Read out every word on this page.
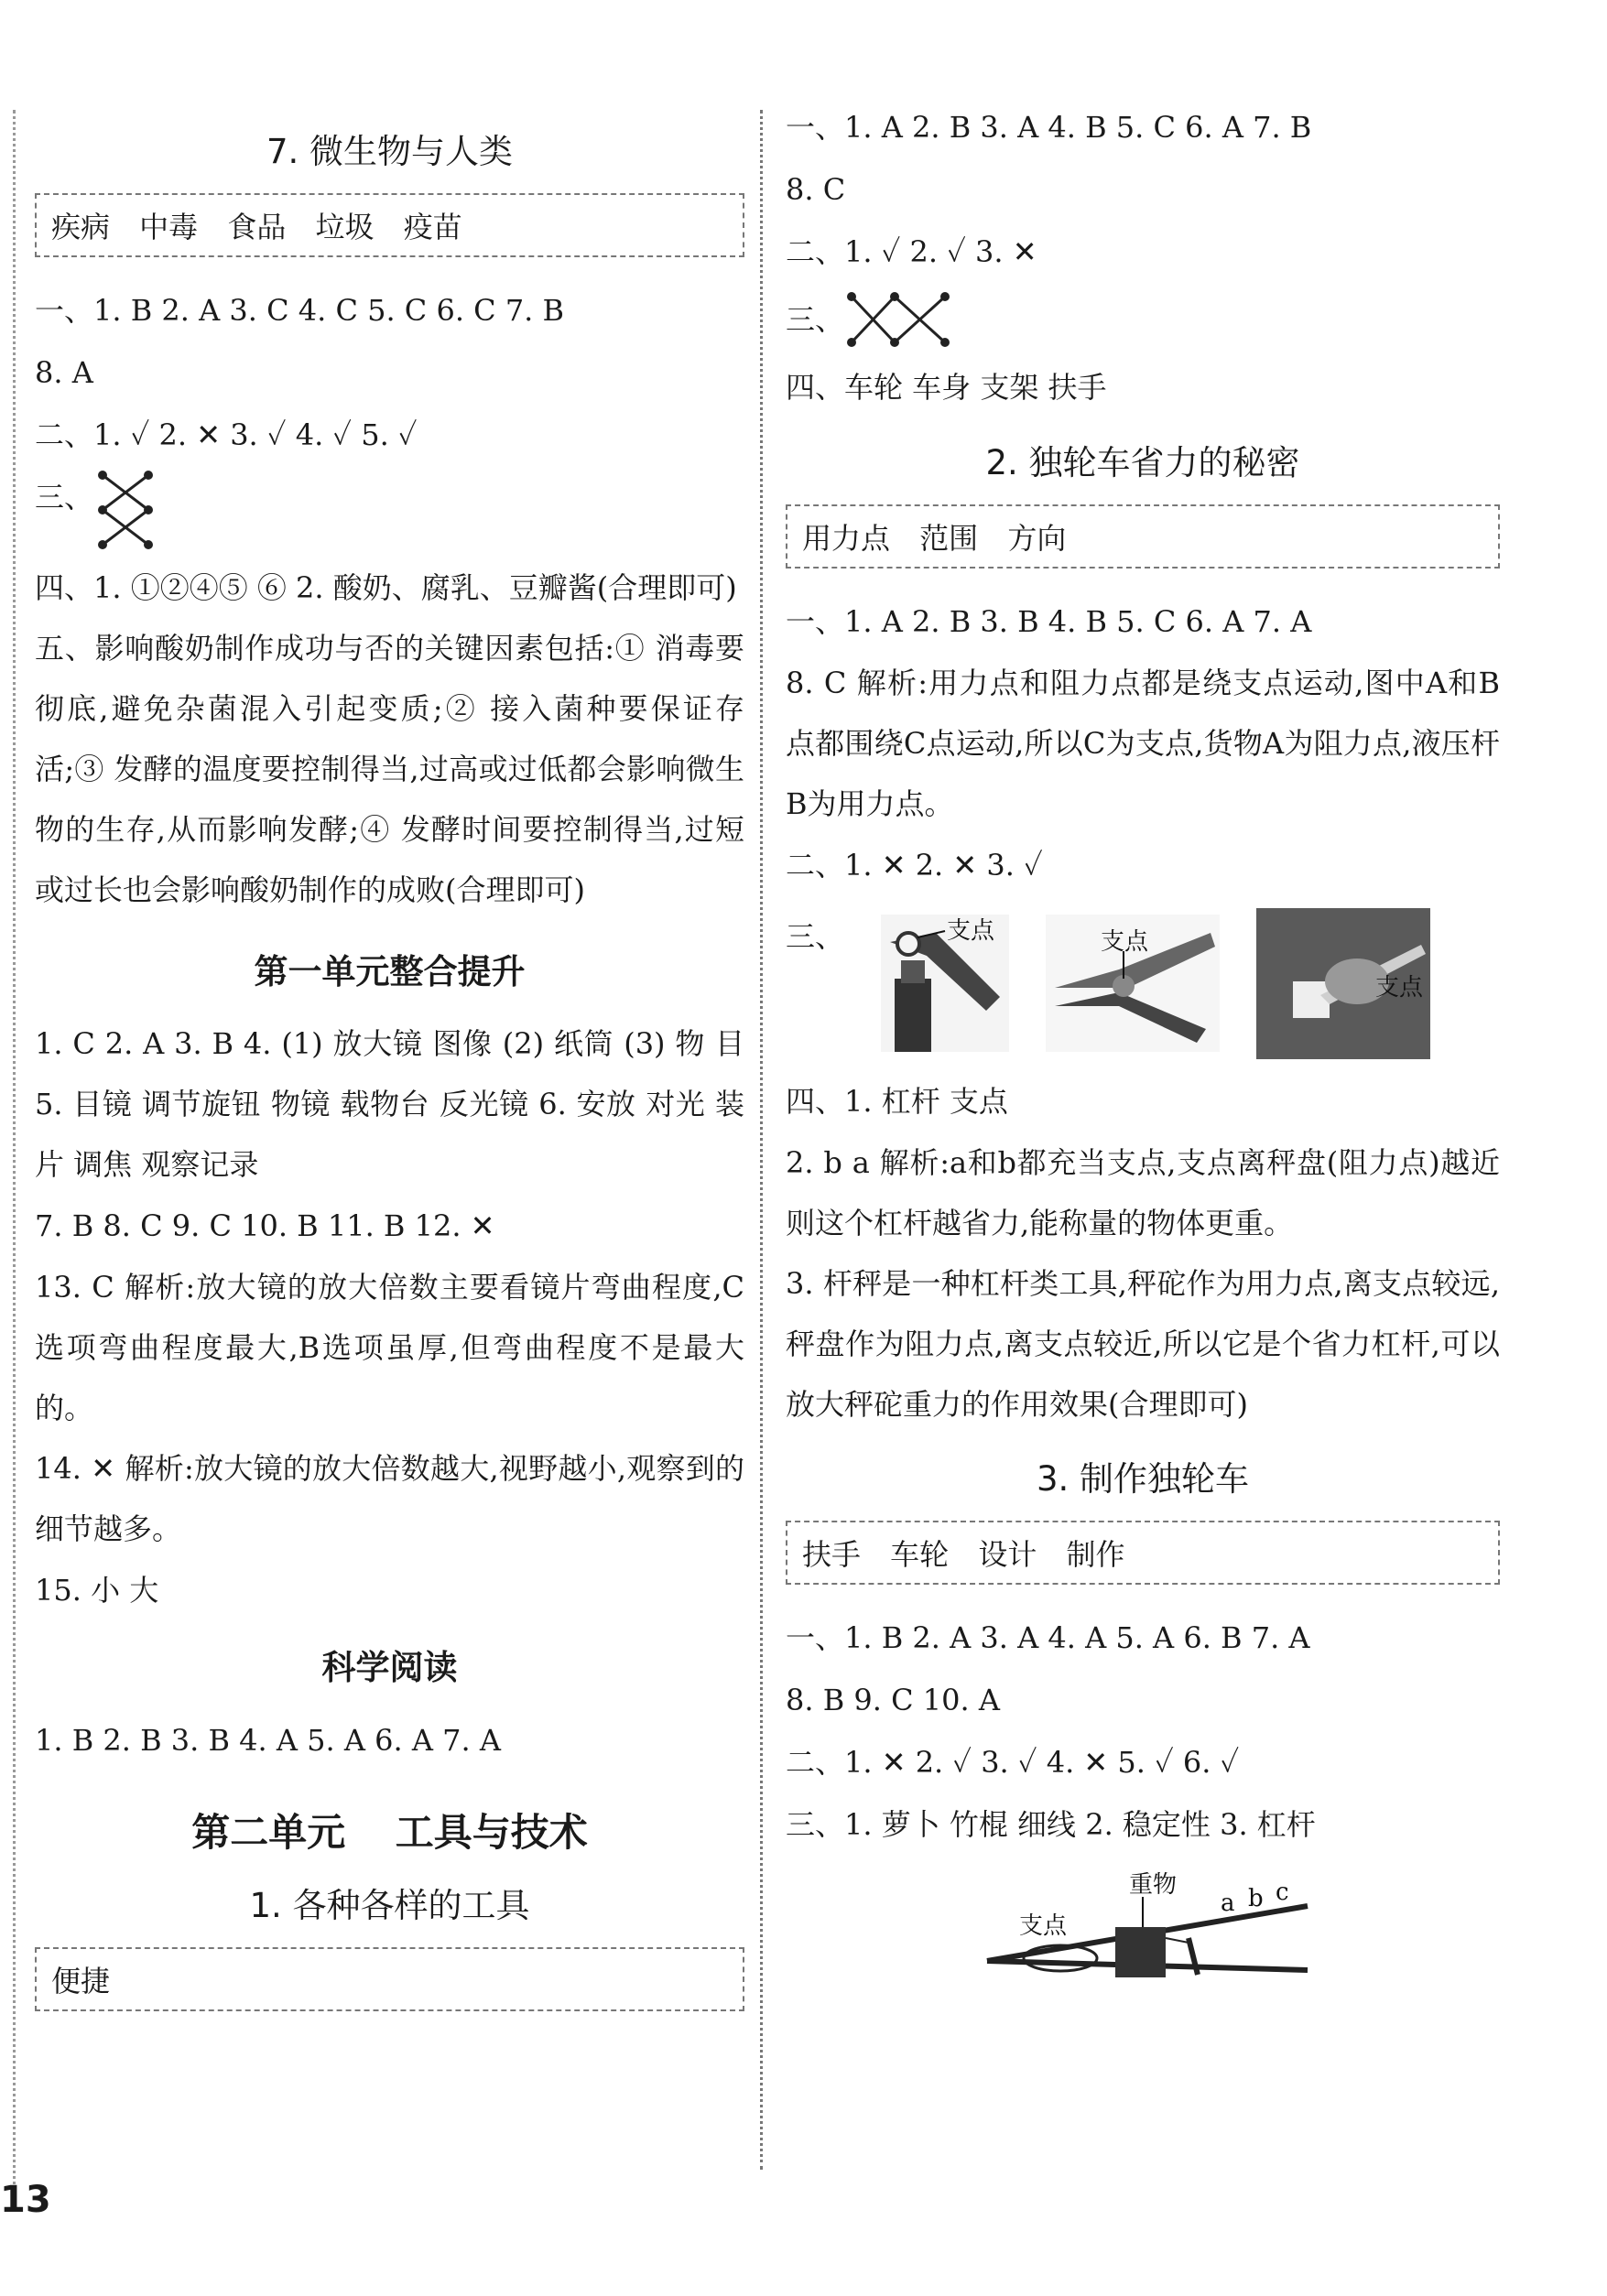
7. 微生物与人类
疾病 中毒 食品 垃圾 疫苗
一、1. B 2. A 3. C 4. C 5. C 6. C 7. B
8. A
二、1. ✓ 2. ✕ 3. ✓ 4. ✓ 5. ✓
三、
四、1. ①②④⑤ ⑥ 2. 酸奶、腐乳、豆瓣酱(合理即可)
五、影响酸奶制作成功与否的关键因素包括:① 消毒要彻底,避免杂菌混入引起变质;② 接入菌种要保证存活;③ 发酵的温度要控制得当,过高或过低都会影响微生物的生存,从而影响发酵;④ 发酵时间要控制得当,过短或过长也会影响酸奶制作的成败(合理即可)
第一单元整合提升
1. C 2. A 3. B 4. (1) 放大镜 图像 (2) 纸筒 (3) 物 目 5. 目镜 调节旋钮 物镜 载物台 反光镜 6. 安放 对光 装片 调焦 观察记录
7. B 8. C 9. C 10. B 11. B 12. ✕
13. C 解析:放大镜的放大倍数主要看镜片弯曲程度,C选项弯曲程度最大,B选项虽厚,但弯曲程度不是最大的。
14. ✕ 解析:放大镜的放大倍数越大,视野越小,观察到的细节越多。
15. 小 大
科学阅读
1. B 2. B 3. B 4. A 5. A 6. A 7. A
第二单元 工具与技术
1. 各种各样的工具
便捷
一、1. A 2. B 3. A 4. B 5. C 6. A 7. B
8. C
二、1. ✓ 2. ✓ 3. ✕
三、
四、车轮 车身 支架 扶手
2. 独轮车省力的秘密
用力点 范围 方向
一、1. A 2. B 3. B 4. B 5. C 6. A 7. A
8. C 解析:用力点和阻力点都是绕支点运动,图中A和B点都围绕C点运动,所以C为支点,货物A为阻力点,液压杆B为用力点。
二、1. ✕ 2. ✕ 3. ✓
三、	支点	支点
支点
四、1. 杠杆 支点
2. b a 解析:a和b都充当支点,支点离秤盘(阻力点)越近则这个杠杆越省力,能称量的物体更重。
3. 杆秤是一种杠杆类工具,秤砣作为用力点,离支点较远,秤盘作为阻力点,离支点较近,所以它是个省力杠杆,可以放大秤砣重力的作用效果(合理即可)
3. 制作独轮车
扶手 车轮 设计 制作
一、1. B 2. A 3. A 4. A 5. A 6. B 7. A
8. B 9. C 10. A
二、1. ✕ 2. ✓ 3. ✓ 4. ✕ 5. ✓ 6. ✓
三、1. 萝卜 竹棍 细线 2. 稳定性 3. 杠杆
重物
支点
a b c
13
